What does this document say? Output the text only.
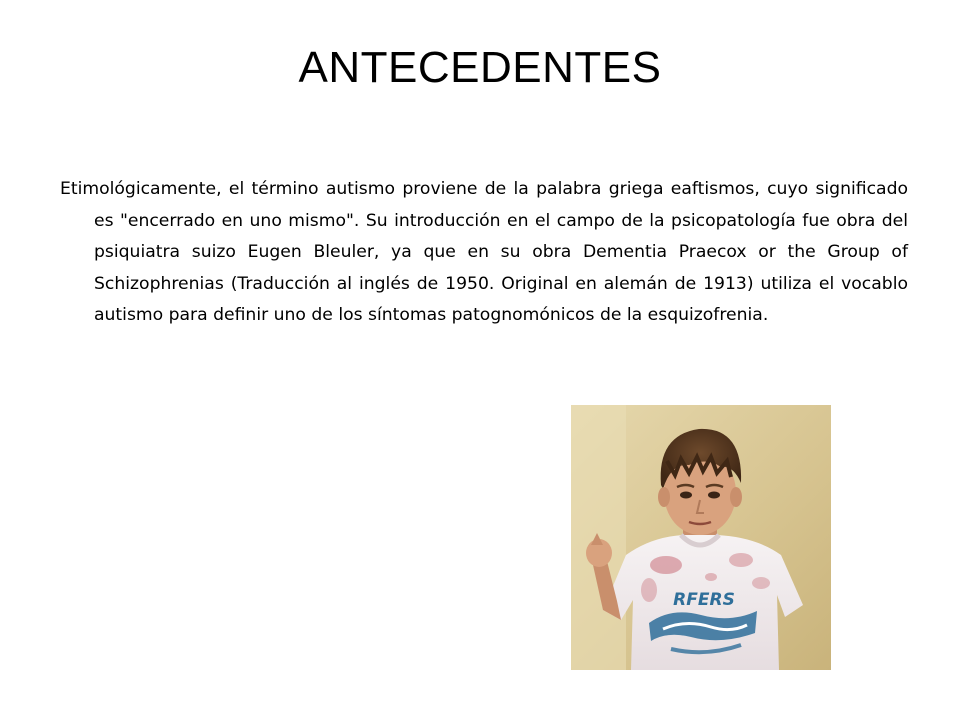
ANTECEDENTES

Etimológicamente, el término autismo proviene de la palabra griega eaftismos, cuyo significado es "encerrado en uno mismo". Su introducción en el campo de la psicopatología fue obra del psiquiatra suizo Eugen Bleuler, ya que en su obra Dementia Praecox or the Group of Schizophrenias (Traducción al inglés de 1950. Original en alemán de 1913) utiliza el vocablo autismo para definir uno de los síntomas patognomónicos de la esquizofrenia.

RFERS
